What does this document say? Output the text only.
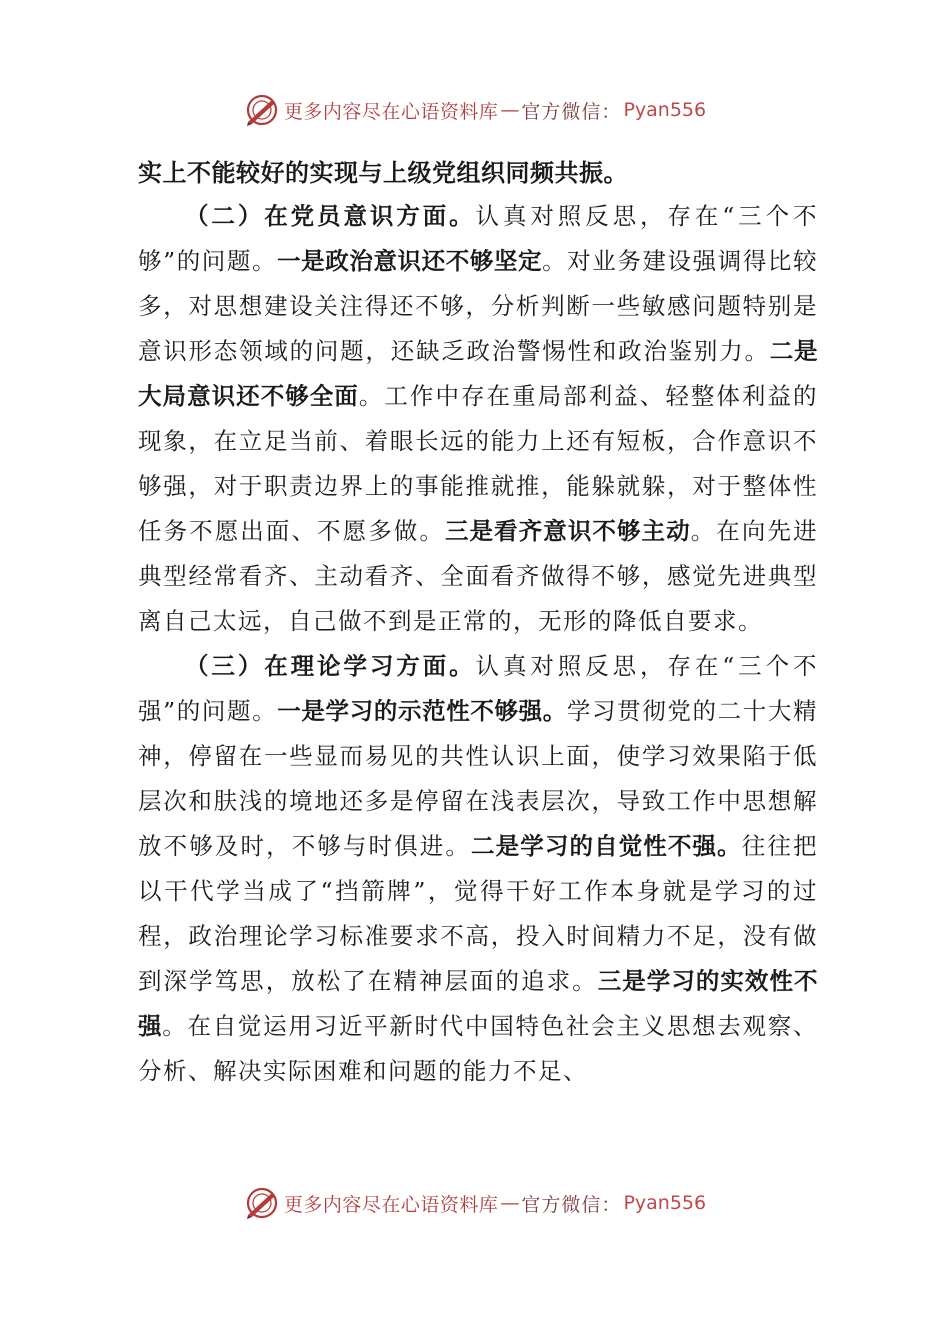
更多内容尽在心语资料库 — 官方微信： Pyan556
实上不能较好的实现与上级党组织同频共振。

（二）在党员意识方面。认真对照反思，存在“三个不够”的问题。一是政治意识还不够坚定。对业务建设强调得比较多，对思想建设关注得还不够，分析判断一些敏感问题特别是意识形态领域的问题，还缺乏政治警惕性和政治鉴别力。二是大局意识还不够全面。工作中存在重局部利益、轻整体利益的现象，在立足当前、着眼长远的能力上还有短板，合作意识不够强，对于职责边界上的事能推就推，能躲就躲，对于整体性任务不愿出面、不愿多做。三是看齐意识不够主动。在向先进典型经常看齐、主动看齐、全面看齐做得不够，感觉先进典型离自己太远，自己做不到是正常的，无形的降低自要求。

（三）在理论学习方面。认真对照反思，存在“三个不强”的问题。一是学习的示范性不够强。学习贯彻党的二十大精神，停留在一些显而易见的共性认识上面，使学习效果陷于低层次和肤浅的境地还多是停留在浅表层次，导致工作中思想解放不够及时，不够与时俱进。二是学习的自觉性不强。往往把以干代学当成了“挡箭牌”，觉得干好工作本身就是学习的过程，政治理论学习标准要求不高，投入时间精力不足，没有做到深学笃思，放松了在精神层面的追求。三是学习的实效性不强。在自觉运用习近平新时代中国特色社会主义思想去观察、分析、解决实际困难和问题的能力不足、

更多内容尽在心语资料库 — 官方微信： Pyan556
